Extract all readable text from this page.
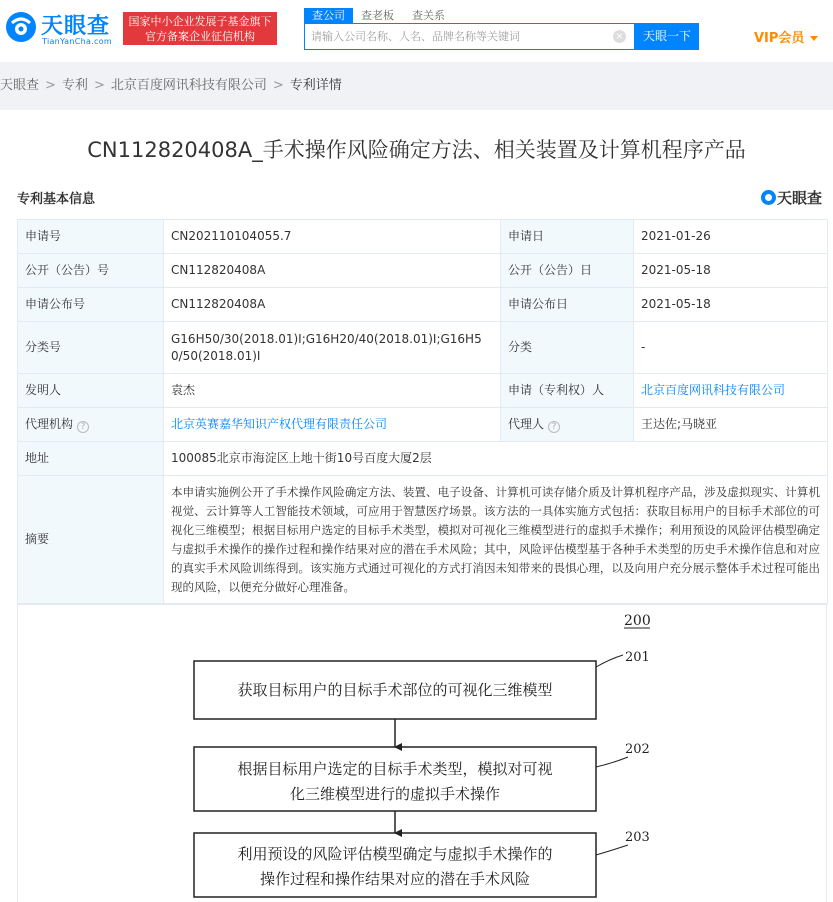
天眼查
TianYanCha.com
国家中小企业发展子基金旗下
官方备案企业征信机构
查公司	查老板 查关系
请输入公司名称、人名、品牌名称等关键词
×	天眼一下	VIP会员
天眼查 > 专利 > 北京百度网讯科技有限公司 > 专利详情
CN112820408A_手术操作风险确定方法、相关装置及计算机程序产品
专利基本信息	天眼查
申请号	CN202110104055.7	申请日	2021-01-26
公开（公告）号	CN112820408A	公开（公告）日	2021-05-18
申请公布号	CN112820408A	申请公布日	2021-05-18
分类号	G16H50/30(2018.01)I;G16H20/40(2018.01)I;G16H50/50(2018.01)I	分类	-
发明人	袁杰	申请（专利权）人	北京百度网讯科技有限公司
代理机构 ?	北京英赛嘉华知识产权代理有限责任公司	代理人 ?	王达佐;马晓亚
地址	100085北京市海淀区上地十街10号百度大厦2层		
摘要	本申请实施例公开了手术操作风险确定方法、装置、电子设备、计算机可读存储介质及计算机程序产品，涉及虚拟现实、计算机视觉、云计算等人工智能技术领域，可应用于智慧医疗场景。该方法的一具体实施方式包括：获取目标用户的目标手术部位的可视化三维模型；根据目标用户选定的目标手术类型，模拟对可视化三维模型进行的虚拟手术操作；利用预设的风险评估模型确定与虚拟手术操作的操作过程和操作结果对应的潜在手术风险；其中，风险评估模型基于各种手术类型的历史手术操作信息和对应的真实手术风险训练得到。该实施方式通过可视化的方式打消因未知带来的畏惧心理，以及向用户充分展示整体手术过程可能出现的风险，以便充分做好心理准备。		
200
获取目标用户的目标手术部位的可视化三维模型
201
根据目标用户选定的目标手术类型，模拟对可视
化三维模型进行的虚拟手术操作
202
利用预设的风险评估模型确定与虚拟手术操作的
操作过程和操作结果对应的潜在手术风险
203
